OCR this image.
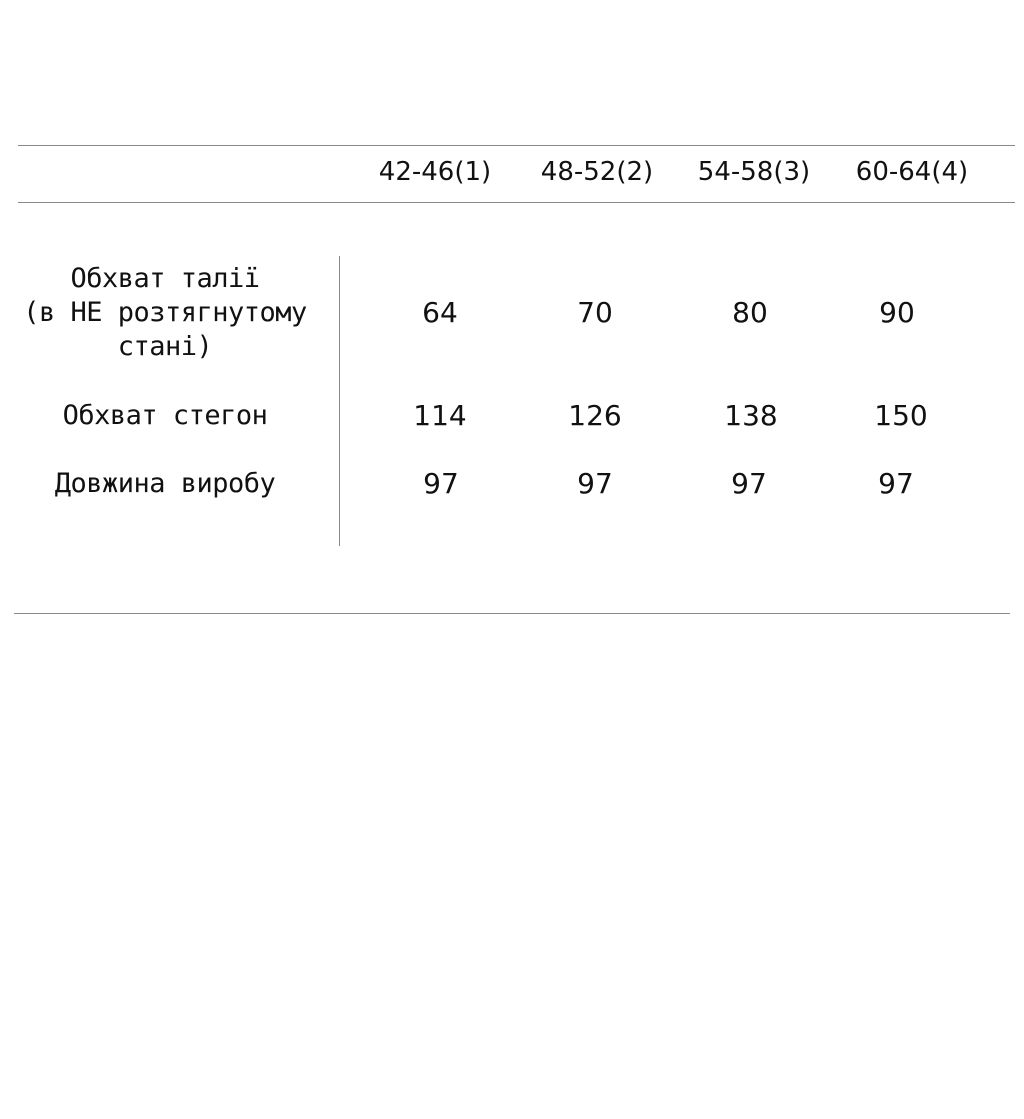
42-46(1)	48-52(2)	54-58(3)	60-64(4)
Обхват талії
(в НЕ розтягнутому
стані)
64	70	80	90
Обхват стегон	114	126	138	150
Довжина виробу	97	97	97	97
